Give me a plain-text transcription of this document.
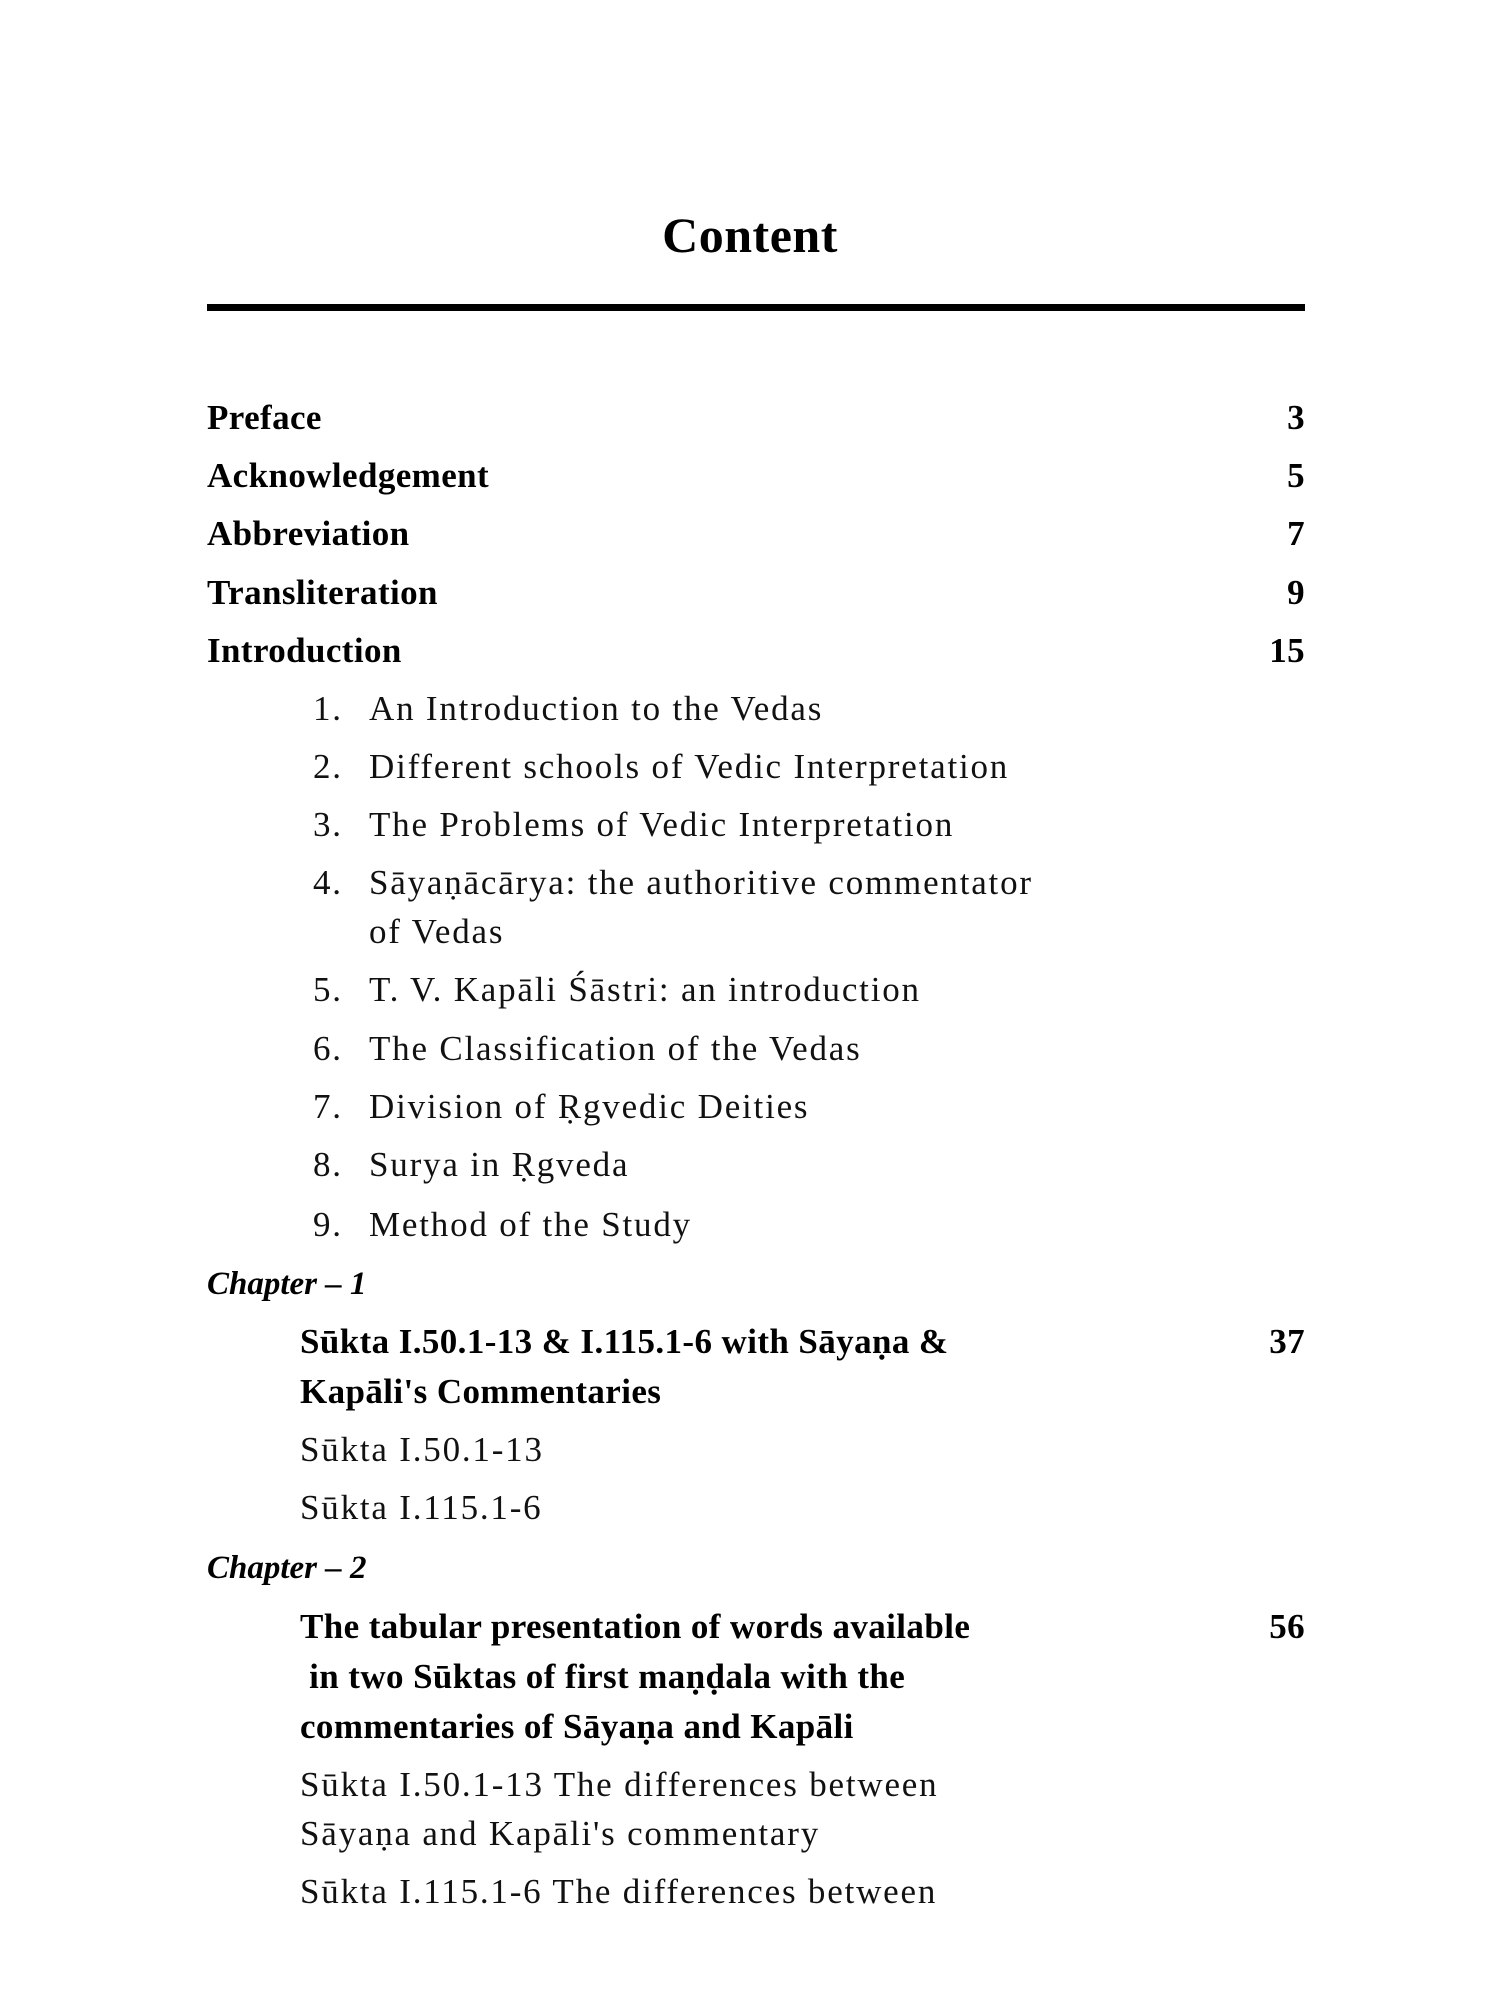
Content
Preface	3
Acknowledgement	5
Abbreviation	7
Transliteration	9
Introduction	15
1. An Introduction to the Vedas
2. Different schools of Vedic Interpretation
3. The Problems of Vedic Interpretation
4. Sāyaṇācārya: the authoritive commentator
of Vedas
5. T. V. Kapāli Śāstri: an introduction
6. The Classification of the Vedas
7. Division of Ṛgvedic Deities
8. Surya in Ṛgveda
9. Method of the Study
Chapter – 1
Sūkta I.50.1-13 & I.115.1-6 with Sāyaṇa &	37
Kapāli's Commentaries
Sūkta I.50.1-13
Sūkta I.115.1-6
Chapter – 2
The tabular presentation of words available	56
in two Sūktas of first maṇḍala with the
commentaries of Sāyaṇa and Kapāli
Sūkta I.50.1-13 The differences between
Sāyaṇa and Kapāli's commentary
Sūkta I.115.1-6 The differences between
